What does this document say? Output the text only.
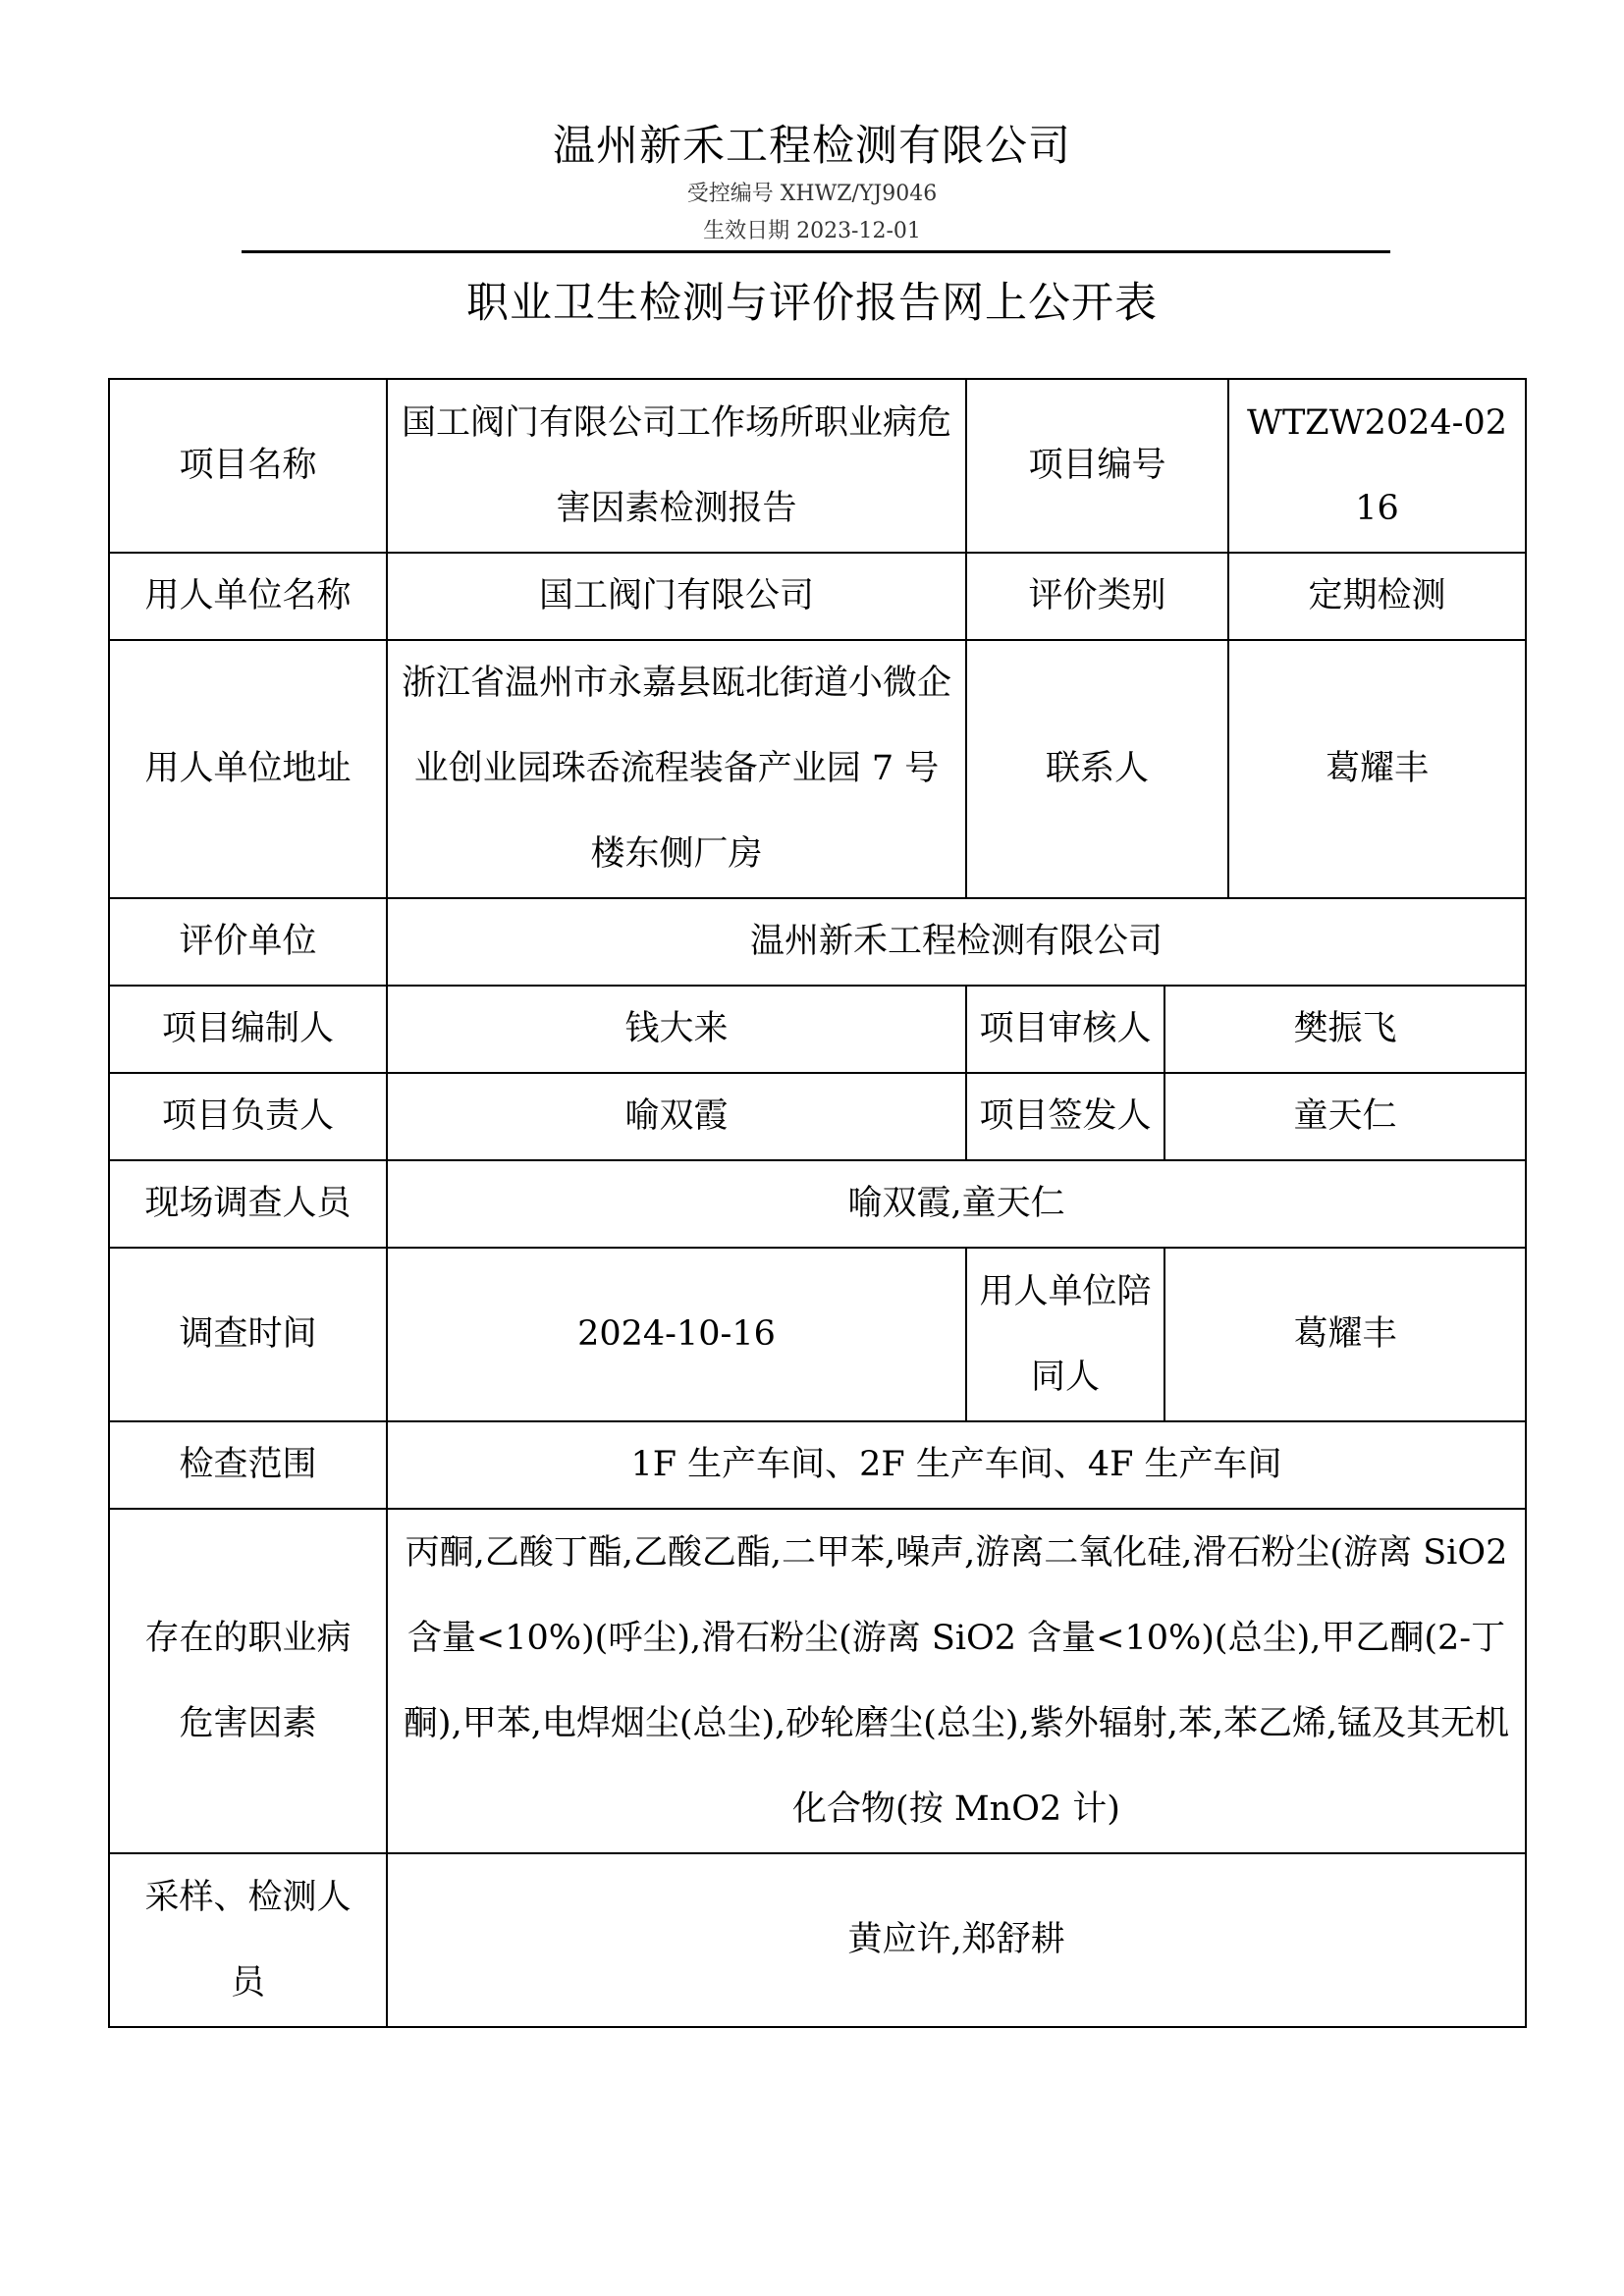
温州新禾工程检测有限公司
受控编号 XHWZ/YJ9046
生效日期 2023-12-01
职业卫生检测与评价报告网上公开表
项目名称	国工阀门有限公司工作场所职业病危害因素检测报告	项目编号		WTZW2024-0216
用人单位名称	国工阀门有限公司	评价类别		定期检测
用人单位地址	浙江省温州市永嘉县瓯北街道小微企业创业园珠岙流程装备产业园 7 号楼东侧厂房	联系人		葛耀丰
评价单位	温州新禾工程检测有限公司			
项目编制人	钱大来	项目审核人	樊振飞	
项目负责人	喻双霞	项目签发人	童天仁	
现场调查人员	喻双霞,童天仁			
调查时间	2024-10-16	用人单位陪同人	葛耀丰	
检查范围	1F 生产车间、2F 生产车间、4F 生产车间			
存在的职业病危害因素	丙酮,乙酸丁酯,乙酸乙酯,二甲苯,噪声,游离二氧化硅,滑石粉尘(游离 SiO2 含量<10%)(呼尘),滑石粉尘(游离 SiO2 含量<10%)(总尘),甲乙酮(2-丁酮),甲苯,电焊烟尘(总尘),砂轮磨尘(总尘),紫外辐射,苯,苯乙烯,锰及其无机化合物(按 MnO2 计)			
采样、检测人员	黄应许,郑舒耕			
